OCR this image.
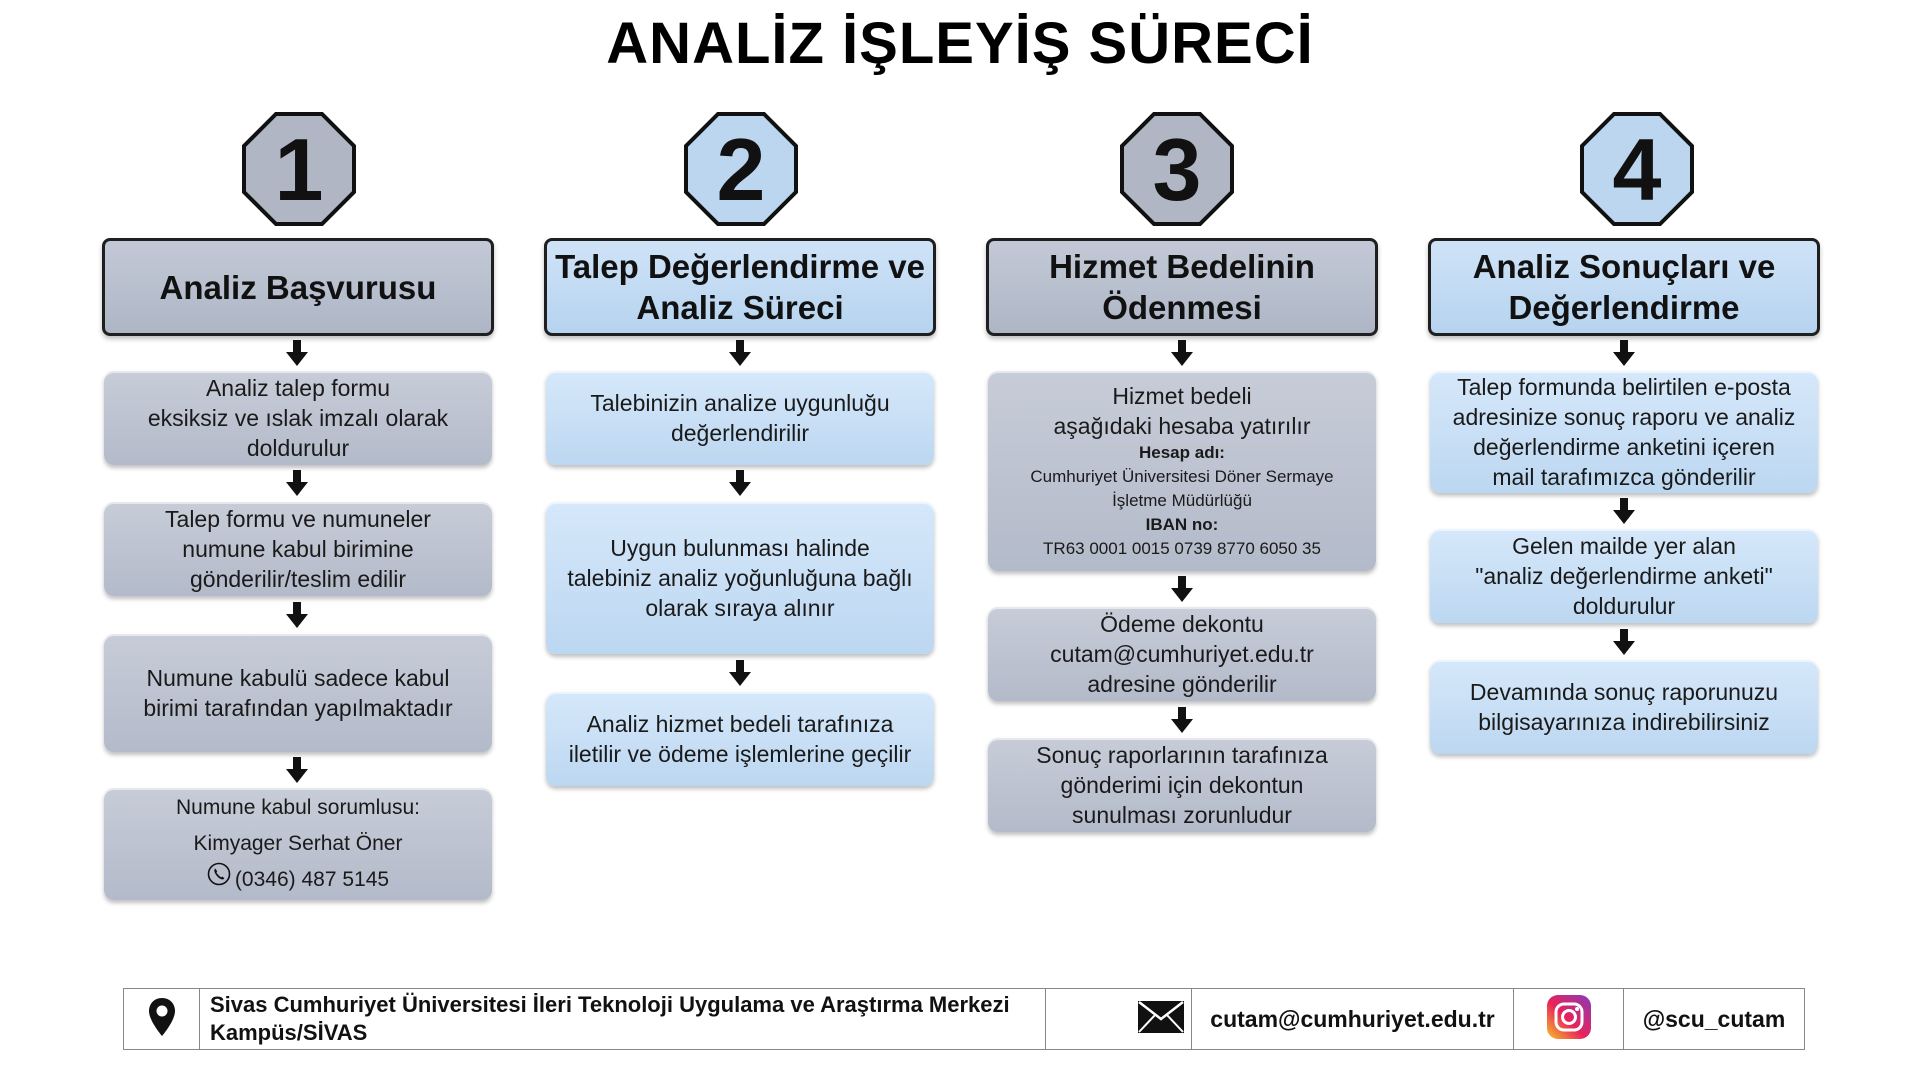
ANALİZ İŞLEYİŞ SÜRECİ
1	2	3	4
Analiz Başvurusu
Talep Değerlendirme ve
Analiz Süreci
Hizmet Bedelinin
Ödenmesi
Analiz Sonuçları ve
Değerlendirme
Analiz talep formu
eksiksiz ve ıslak imzalı olarak
doldurulur
Talep formu ve numuneler
numune kabul birimine
gönderilir/teslim edilir
Numune kabulü sadece kabul
birimi tarafından yapılmaktadır
Numune kabul sorumlusu:
Kimyager Serhat Öner
(0346) 487 5145
Talebinizin analize uygunluğu
değerlendirilir
Uygun bulunması halinde
talebiniz analiz yoğunluğuna bağlı
olarak sıraya alınır
Analiz hizmet bedeli tarafınıza
iletilir ve ödeme işlemlerine geçilir
Hizmet bedeli
aşağıdaki hesaba yatırılır
Hesap adı:
Cumhuriyet Üniversitesi Döner Sermaye
İşletme Müdürlüğü
IBAN no:
TR63 0001 0015 0739 8770 6050 35
Ödeme dekontu
cutam@cumhuriyet.edu.tr
adresine gönderilir
Sonuç raporlarının tarafınıza
gönderimi için dekontun
sunulması zorunludur
Talep formunda belirtilen e-posta
adresinize sonuç raporu ve analiz
değerlendirme anketini içeren
mail tarafımızca gönderilir
Gelen mailde yer alan
"analiz değerlendirme anketi"
doldurulur
Devamında sonuç raporunuzu
bilgisayarınıza indirebilirsiniz
Sivas Cumhuriyet Üniversitesi İleri Teknoloji Uygulama ve Araştırma Merkezi
Kampüs/SİVAS
cutam@cumhuriyet.edu.tr	@scu_cutam
